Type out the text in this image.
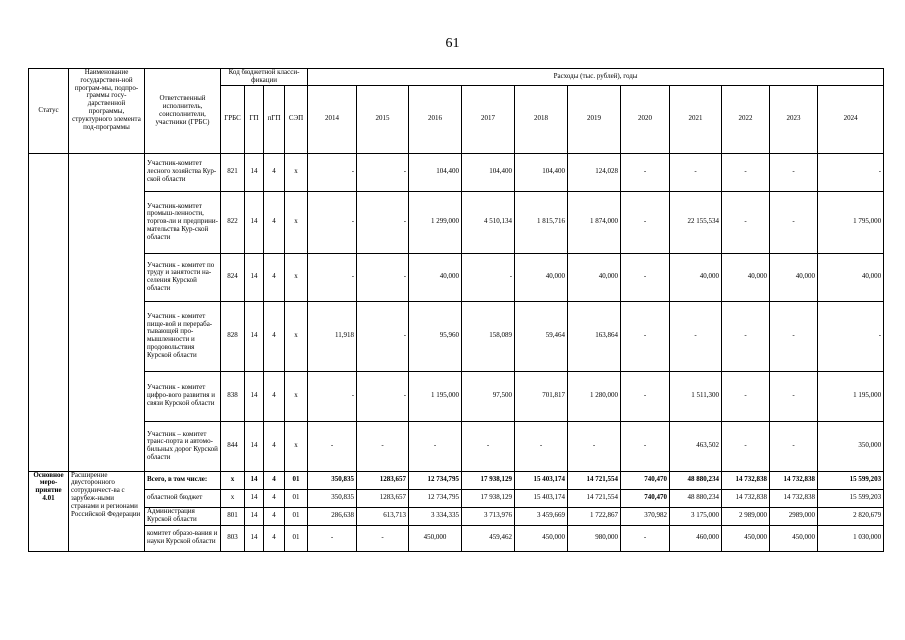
61
Статус	Наименование государствен-ной програм-мы, подпро-граммы госу-дарственной программы, структурного элемента под-программы	Ответственный исполнитель, соисполнители, участники (ГРБС)	Код бюджетной класси-фикации				Расходы (тыс. рублей), годы										
			ГРБС	ГП	пГП	СЭП	2014	2015	2016	2017	2018	2019	2020	2021	2022	2023	2024
		Участник-комитет лесного хозяйства Кур-ской области	821	14	4	х	-	-	104,400	104,400	104,400	124,028	-	-	-	-	-
		Участник-комитет промыш-ленности, торгов-ли и предприни-мательства Кур-ской области	822	14	4	х	-	-	1 299,000	4 510,134	1 815,716	1 874,000	-	22 155,534	-	-	1 795,000
		Участник - комитет по труду и занятости на-селения Курской области	824	14	4	х	-	-	40,000	-	40,000	40,000	-	40,000	40,000	40,000	40,000
		Участник - комитет пище-вой и перераба-тывающей про-мышленности и продовольствия Курской области	828	14	4	х	11,918	-	95,960	158,089	59,464	163,864	-	-	-	-	-
		Участник - комитет цифро-вого развития и связи Курской области	838	14	4	х	-	-	1 195,000	97,500	701,817	1 280,000	-	1 511,300	-	-	1 195,000
		Участник – комитет транс-порта и автомо-бильных дорог Курской области	844	14	4	х	-	-	-	-	-	-	-	463,502	-	-	350,000
Основное меро-приятие 4.01	Расширение двусторонного сотрудничест-ва с зарубеж-ными странами и регионами Российской Федерации	Всего, в том числе:	х	14	4	01	350,835	1283,657	12 734,795	17 938,129	15 403,174	14 721,554	740,470	48 880,234	14 732,838	14 732,838	15 599,203
		областной бюджет	х	14	4	01	350,835	1283,657	12 734,795	17 938,129	15 403,174	14 721,554	740,470	48 880,234	14 732,838	14 732,838	15 599,203
		Администрация Курской области	801	14	4	01	286,638	613,713	3 334,335	3 713,976	3 459,669	1 722,867	370,982	3 175,000	2 989,000	2989,000	2 820,679
		комитет образо-вания и науки Курской области	803	14	4	01	-	-	450,000	459,462	450,000	980,000	-	460,000	450,000	450,000	1 030,000
